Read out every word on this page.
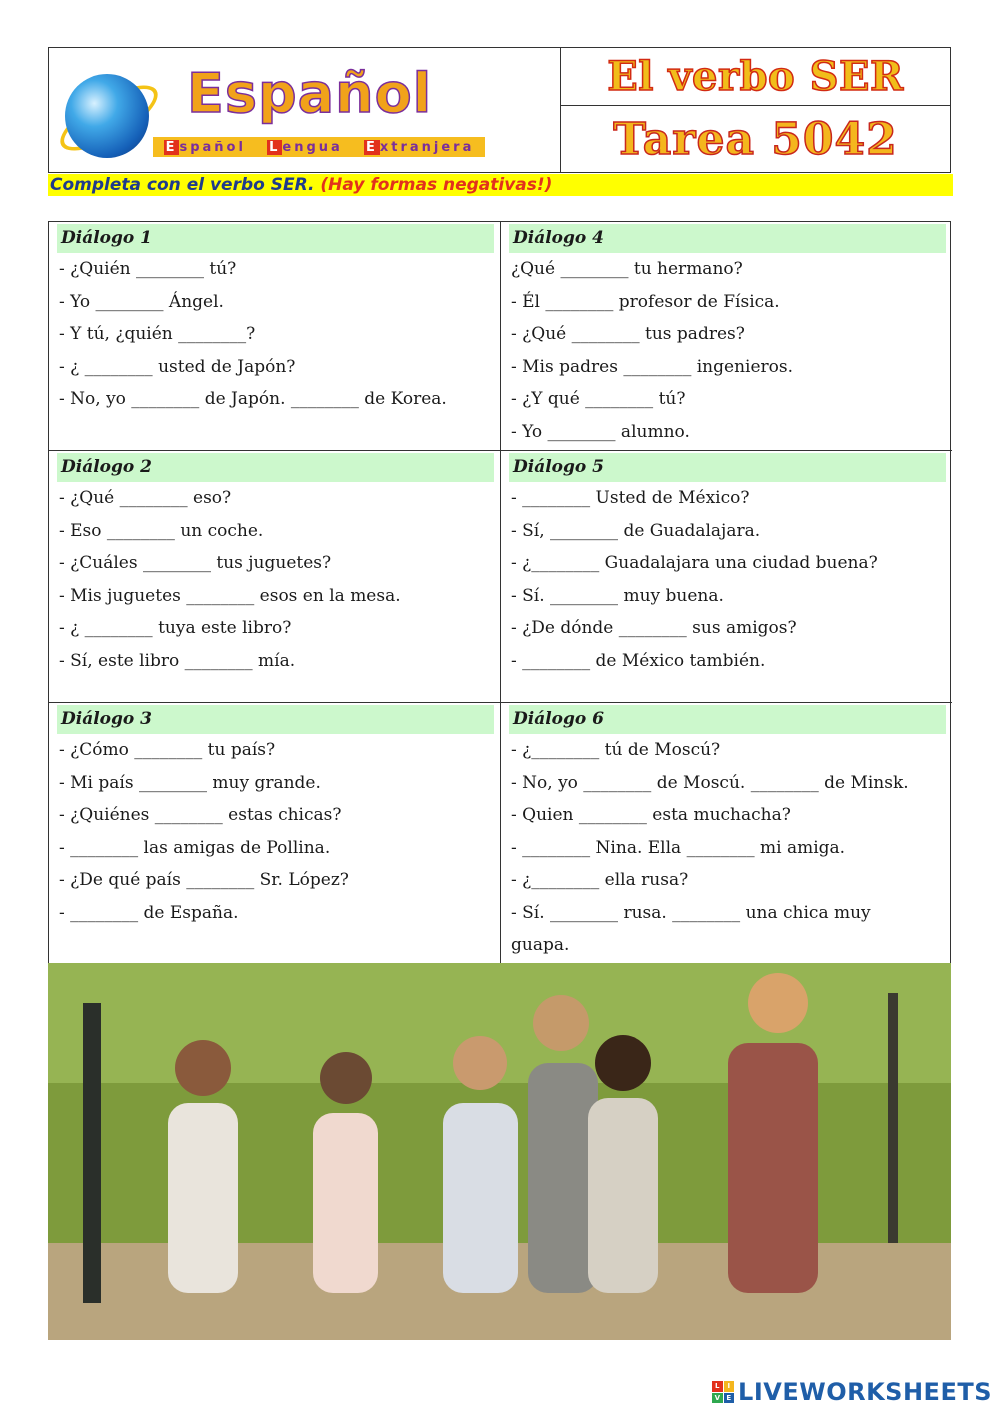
Español
E spañol L engua E xtranjera
El verbo SER
Tarea 5042
Completa con el verbo SER. (Hay formas negativas!)
Diálogo 1
- ¿Quién ________ tú?
- Yo ________ Ángel.
- Y tú, ¿quién ________?
- ¿ ________ usted de Japón?
- No, yo ________ de Japón. ________ de Korea.
Diálogo 4
¿Qué ________ tu hermano?
- Él ________ profesor de Física.
- ¿Qué ________ tus padres?
- Mis padres ________ ingenieros.
- ¿Y qué ________ tú?
- Yo ________ alumno.
Diálogo 2
- ¿Qué ________ eso?
- Eso ________ un coche.
- ¿Cuáles ________ tus juguetes?
- Mis juguetes ________ esos en la mesa.
- ¿ ________ tuya este libro?
- Sí, este libro ________ mía.
Diálogo 5
- ________ Usted de México?
- Sí, ________ de Guadalajara.
- ¿________ Guadalajara una ciudad buena?
- Sí. ________ muy buena.
- ¿De dónde ________ sus amigos?
- ________ de México también.
Diálogo 3
- ¿Cómo ________ tu país?
- Mi país ________ muy grande.
- ¿Quiénes ________ estas chicas?
- ________ las amigas de Pollina.
- ¿De qué país ________ Sr. López?
- ________ de España.
Diálogo 6
- ¿________ tú de Moscú?
- No, yo ________ de Moscú. ________ de Minsk.
- Quien ________ esta muchacha?
- ________ Nina. Ella ________ mi amiga.
- ¿________ ella rusa?
- Sí. ________ rusa. ________ una chica muy
guapa.
L	I
V E LIVEWORKSHEETS
